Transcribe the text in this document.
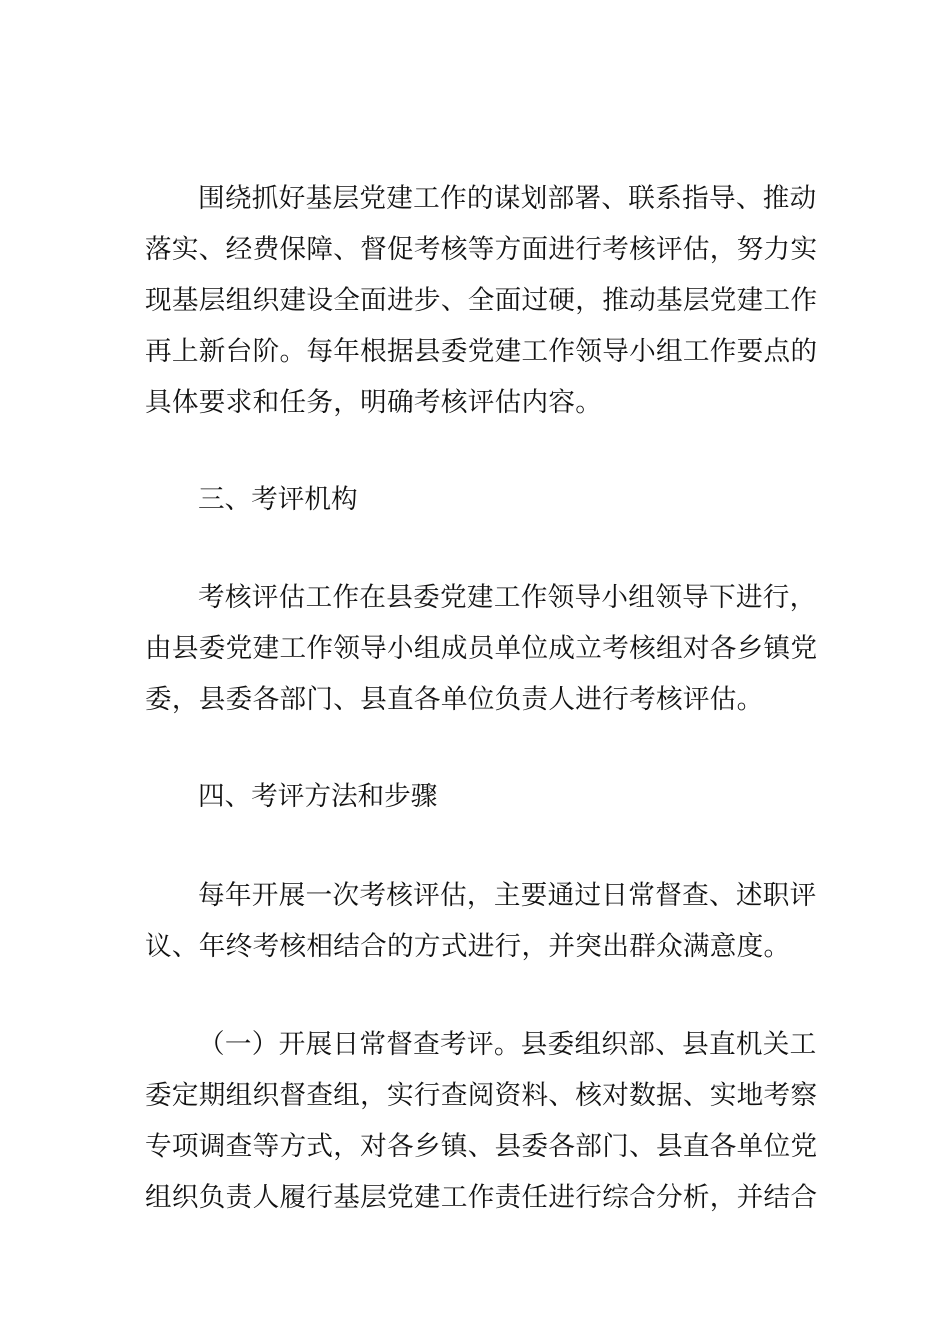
围绕抓好基层党建工作的谋划部署、联系指导、推动
落实、经费保障、督促考核等方面进行考核评估，努力实
现基层组织建设全面进步、全面过硬，推动基层党建工作
再上新台阶。每年根据县委党建工作领导小组工作要点的
具体要求和任务，明确考核评估内容。
三、考评机构
考核评估工作在县委党建工作领导小组领导下进行，
由县委党建工作领导小组成员单位成立考核组对各乡镇党
委，县委各部门、县直各单位负责人进行考核评估。
四、考评方法和步骤
每年开展一次考核评估，主要通过日常督查、述职评
议、年终考核相结合的方式进行，并突出群众满意度。
（一）开展日常督查考评。县委组织部、县直机关工
委定期组织督查组，实行查阅资料、核对数据、实地考察
专项调查等方式，对各乡镇、县委各部门、县直各单位党
组织负责人履行基层党建工作责任进行综合分析，并结合
